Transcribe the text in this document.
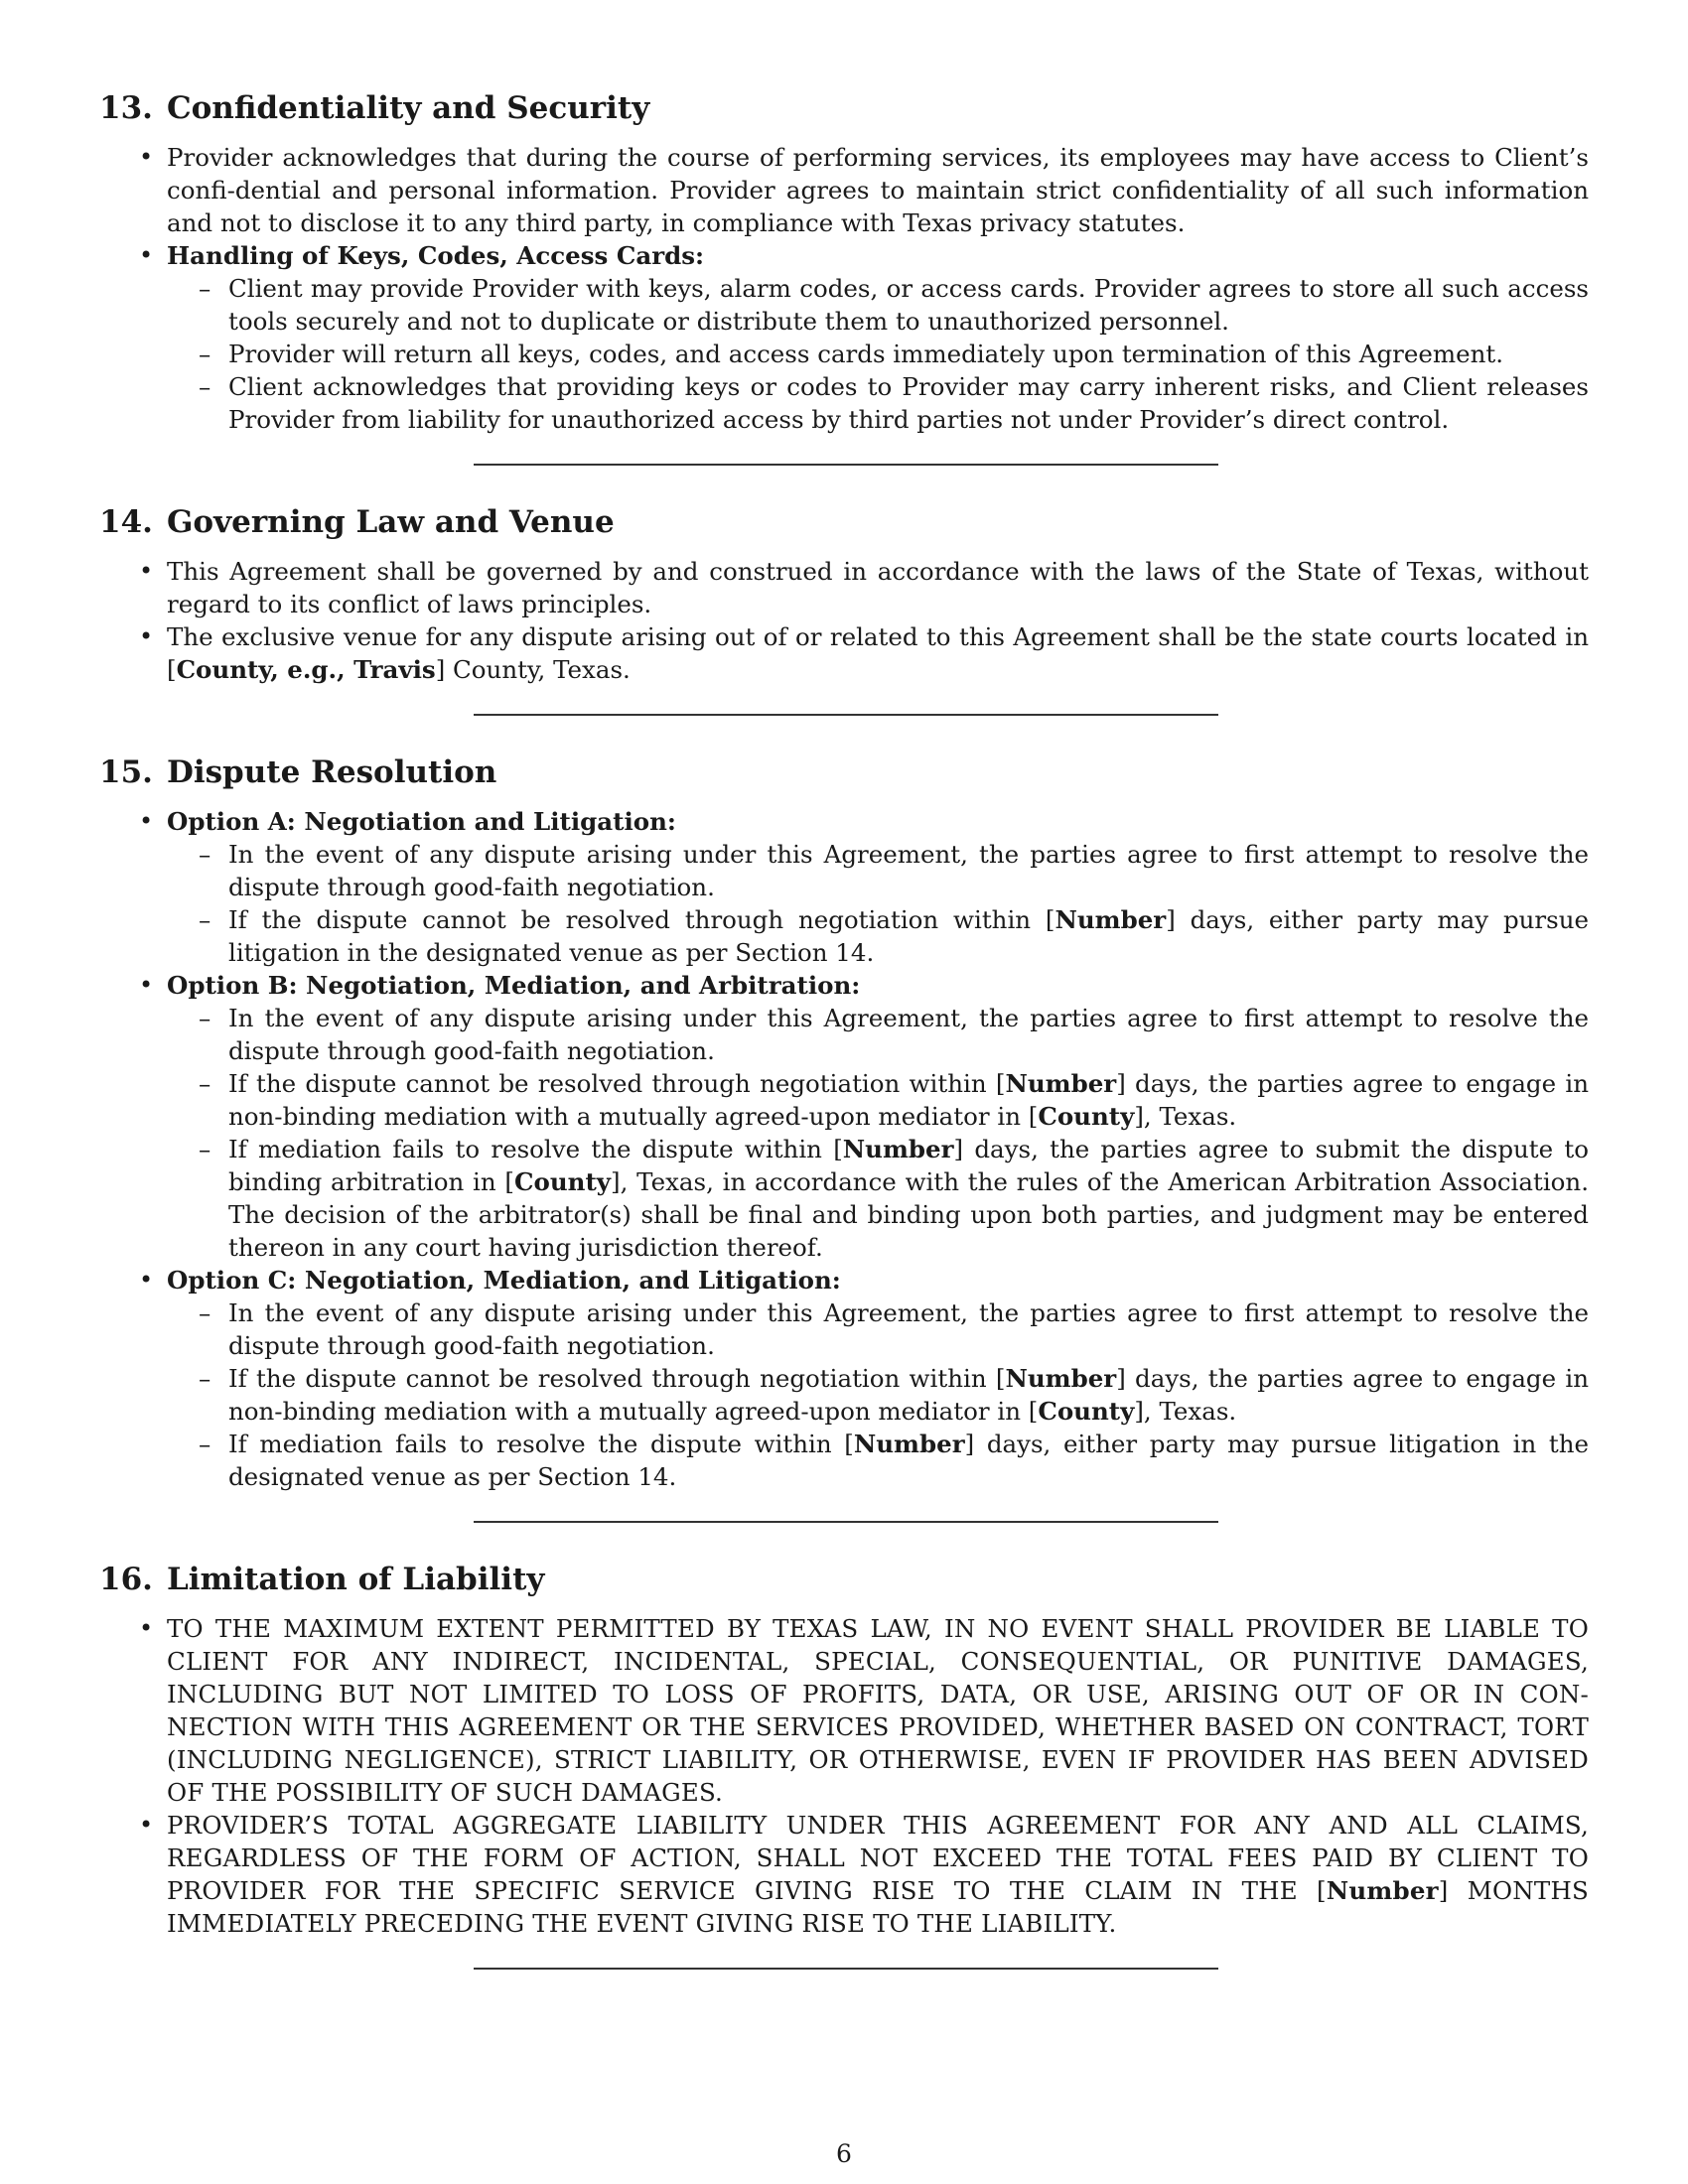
13. Confidentiality and Security
• Provider acknowledges that during the course of performing services, its employees may have access to Client’s confi-dential and personal information. Provider agrees to maintain strict confidentiality of all such information and not to disclose it to any third party, in compliance with Texas privacy statutes.
• Handling of Keys, Codes, Access Cards:
– Client may provide Provider with keys, alarm codes, or access cards. Provider agrees to store all such access tools securely and not to duplicate or distribute them to unauthorized personnel.
– Provider will return all keys, codes, and access cards immediately upon termination of this Agreement.
– Client acknowledges that providing keys or codes to Provider may carry inherent risks, and Client releases Provider from liability for unauthorized access by third parties not under Provider’s direct control.
14. Governing Law and Venue
• This Agreement shall be governed by and construed in accordance with the laws of the State of Texas, without regard to its conflict of laws principles.
• The exclusive venue for any dispute arising out of or related to this Agreement shall be the state courts located in [County, e.g., Travis] County, Texas.
15. Dispute Resolution
• Option A: Negotiation and Litigation:
– In the event of any dispute arising under this Agreement, the parties agree to first attempt to resolve the dispute through good-faith negotiation.
– If the dispute cannot be resolved through negotiation within [Number] days, either party may pursue litigation in the designated venue as per Section 14.
• Option B: Negotiation, Mediation, and Arbitration:
– In the event of any dispute arising under this Agreement, the parties agree to first attempt to resolve the dispute through good-faith negotiation.
– If the dispute cannot be resolved through negotiation within [Number] days, the parties agree to engage in non-binding mediation with a mutually agreed-upon mediator in [County], Texas.
– If mediation fails to resolve the dispute within [Number] days, the parties agree to submit the dispute to binding arbitration in [County], Texas, in accordance with the rules of the American Arbitration Association. The decision of the arbitrator(s) shall be final and binding upon both parties, and judgment may be entered thereon in any court having jurisdiction thereof.
• Option C: Negotiation, Mediation, and Litigation:
– In the event of any dispute arising under this Agreement, the parties agree to first attempt to resolve the dispute through good-faith negotiation.
– If the dispute cannot be resolved through negotiation within [Number] days, the parties agree to engage in non-binding mediation with a mutually agreed-upon mediator in [County], Texas.
– If mediation fails to resolve the dispute within [Number] days, either party may pursue litigation in the designated venue as per Section 14.
16. Limitation of Liability
• TO THE MAXIMUM EXTENT PERMITTED BY TEXAS LAW, IN NO EVENT SHALL PROVIDER BE LIABLE TO CLIENT FOR ANY INDIRECT, INCIDENTAL, SPECIAL, CONSEQUENTIAL, OR PUNITIVE DAMAGES, INCLUDING BUT NOT LIMITED TO LOSS OF PROFITS, DATA, OR USE, ARISING OUT OF OR IN CON-NECTION WITH THIS AGREEMENT OR THE SERVICES PROVIDED, WHETHER BASED ON CONTRACT, TORT (INCLUDING NEGLIGENCE), STRICT LIABILITY, OR OTHERWISE, EVEN IF PROVIDER HAS BEEN ADVISED OF THE POSSIBILITY OF SUCH DAMAGES.
• PROVIDER’S TOTAL AGGREGATE LIABILITY UNDER THIS AGREEMENT FOR ANY AND ALL CLAIMS, REGARDLESS OF THE FORM OF ACTION, SHALL NOT EXCEED THE TOTAL FEES PAID BY CLIENT TO PROVIDER FOR THE SPECIFIC SERVICE GIVING RISE TO THE CLAIM IN THE [Number] MONTHS IMMEDIATELY PRECEDING THE EVENT GIVING RISE TO THE LIABILITY.
6
